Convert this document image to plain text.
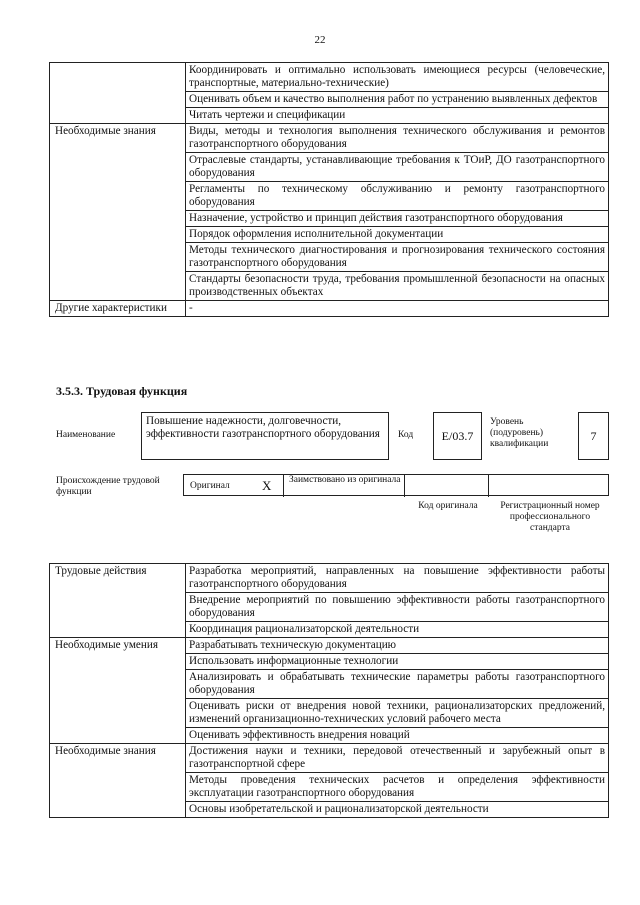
22
	Координировать и оптимально использовать имеющиеся ресурсы (человеческие, транспортные, материально-технические)
	Оценивать объем и качество выполнения работ по устранению выявленных дефектов
	Читать чертежи и спецификации
Необходимые знания	Виды, методы и технология выполнения технического обслуживания и ремонтов газотранспортного оборудования
	Отраслевые стандарты, устанавливающие требования к ТОиР, ДО газотранспортного оборудования
	Регламенты по техническому обслуживанию и ремонту газотранспортного оборудования
	Назначение, устройство и принцип действия газотранспортного оборудования
	Порядок оформления исполнительной документации
	Методы технического диагностирования и прогнозирования технического состояния газотранспортного оборудования
	Стандарты безопасности труда, требования промышленной безопасности на опасных производственных объектах
Другие характеристики	-
3.5.3. Трудовая функция
Наименование
Повышение надежности, долговечности, эффективности газотранспортного оборудования	Код	E/03.7
Уровень (подуровень) квалификации
7
Происхождение трудовой функции
Оригинал X Заимствовано из оригинала
Код оригинала	Регистрационный номер профессионального стандарта
Трудовые действия	Разработка мероприятий, направленных на повышение эффективности работы газотранспортного оборудования
	Внедрение мероприятий по повышению эффективности работы газотранспортного оборудования
	Координация рационализаторской деятельности
Необходимые умения	Разрабатывать техническую документацию
	Использовать информационные технологии
	Анализировать и обрабатывать технические параметры работы газотранспортного оборудования
	Оценивать риски от внедрения новой техники, рационализаторских предложений, изменений организационно-технических условий рабочего места
	Оценивать эффективность внедрения новаций
Необходимые знания	Достижения науки и техники, передовой отечественный и зарубежный опыт в газотранспортной сфере
	Методы проведения технических расчетов и определения эффективности эксплуатации газотранспортного оборудования
	Основы изобретательской и рационализаторской деятельности
